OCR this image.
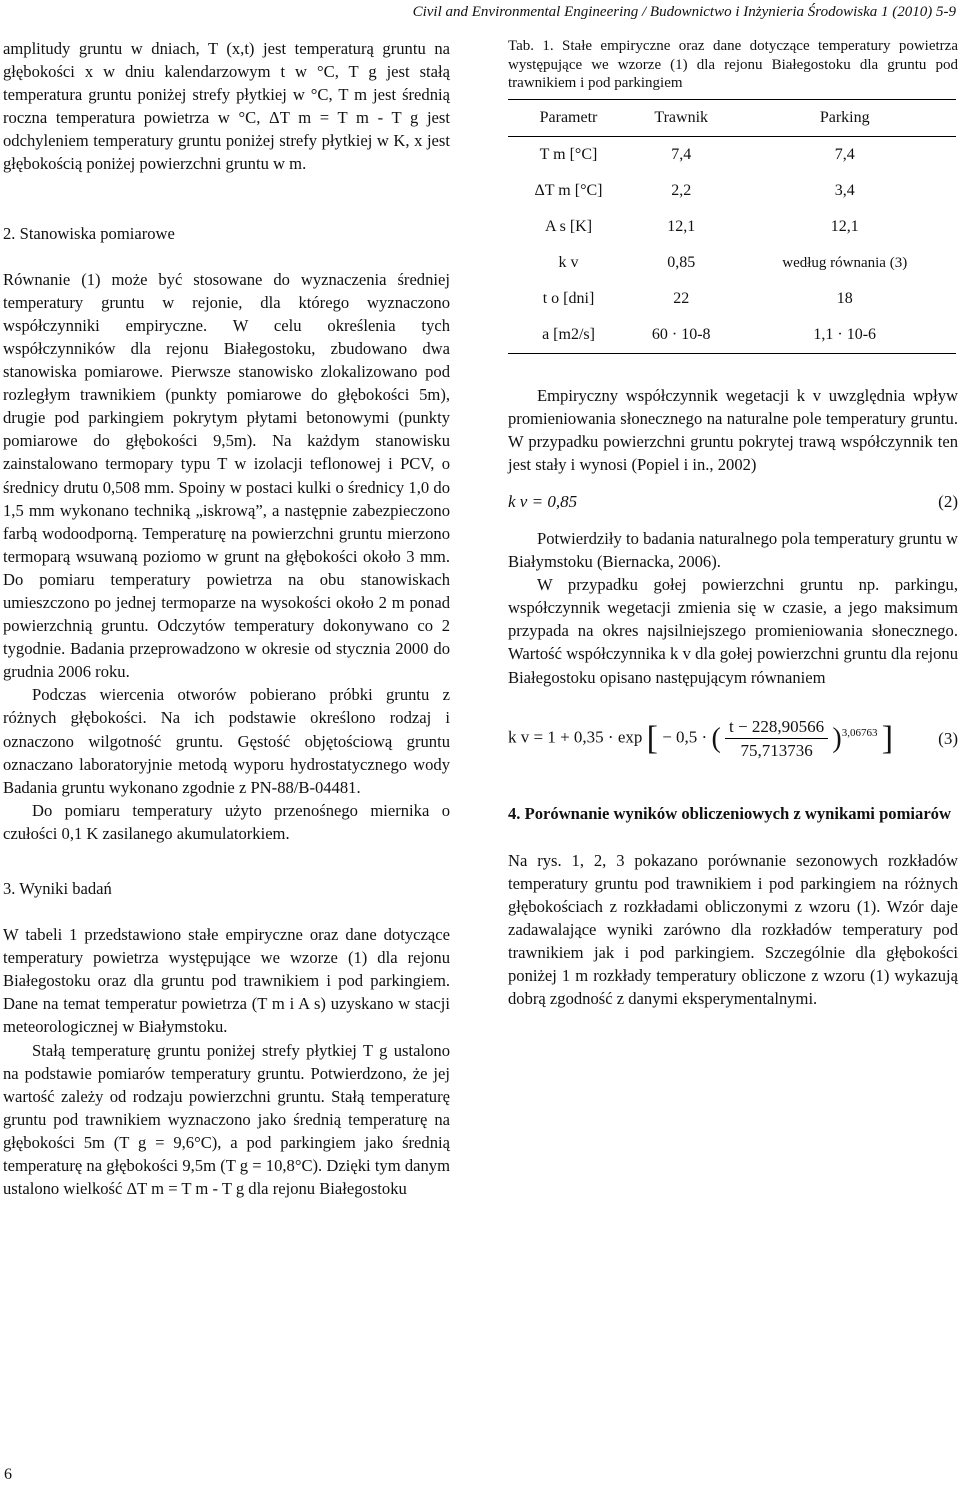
Civil and Environmental Engineering / Budownictwo i Inżynieria Środowiska 1 (2010) 5-9

amplitudy gruntu w dniach, T (x,t) jest temperaturą gruntu na głębokości x w dniu kalendarzowym t w °C, T g jest stałą temperatura gruntu poniżej strefy płytkiej w °C, T m jest średnią roczna temperatura powietrza w °C, ΔT m = T m - T g jest odchyleniem temperatury gruntu poniżej strefy płytkiej w K, x jest głębokością poniżej powierzchni gruntu w m.

2. Stanowiska pomiarowe

Równanie (1) może być stosowane do wyznaczenia średniej temperatury gruntu w rejonie, dla którego wyznaczono współczynniki empiryczne. W celu określenia tych współczynników dla rejonu Białegostoku, zbudowano dwa stanowiska pomiarowe. Pierwsze stanowisko zlokalizowano pod rozległym trawnikiem (punkty pomiarowe do głębokości 5m), drugie pod parkingiem pokrytym płytami betonowymi (punkty pomiarowe do głębokości 9,5m). Na każdym stanowisku zainstalowano termopary typu T w izolacji teflonowej i PCV, o średnicy drutu 0,508 mm. Spoiny w postaci kulki o średnicy 1,0 do 1,5 mm wykonano techniką „iskrową”, a następnie zabezpieczono farbą wodoodporną. Temperaturę na powierzchni gruntu mierzono termoparą wsuwaną poziomo w grunt na głębokości około 3 mm. Do pomiaru temperatury powietrza na obu stanowiskach umieszczono po jednej termoparze na wysokości około 2 m ponad powierzchnią gruntu. Odczytów temperatury dokonywano co 2 tygodnie. Badania przeprowadzono w okresie od stycznia 2000 do grudnia 2006 roku.

Podczas wiercenia otworów pobierano próbki gruntu z różnych głębokości. Na ich podstawie określono rodzaj i oznaczono wilgotność gruntu. Gęstość objętościową gruntu oznaczano laboratoryjnie metodą wyporu hydrostatycznego wody Badania gruntu wykonano zgodnie z PN-88/B-04481.

Do pomiaru temperatury użyto przenośnego miernika o czułości 0,1 K zasilanego akumulatorkiem.

3. Wyniki badań

W tabeli 1 przedstawiono stałe empiryczne oraz dane dotyczące temperatury powietrza występujące we wzorze (1) dla rejonu Białegostoku oraz dla gruntu pod trawnikiem i pod parkingiem. Dane na temat temperatur powietrza (T m i A s) uzyskano w stacji meteorologicznej w Białymstoku.

Stałą temperaturę gruntu poniżej strefy płytkiej T g ustalono na podstawie pomiarów temperatury gruntu. Potwierdzono, że jej wartość zależy od rodzaju powierzchni gruntu. Stałą temperaturę gruntu pod trawnikiem wyznaczono jako średnią temperaturę na głębokości 5m (T g = 9,6°C), a pod parkingiem jako średnią temperaturę na głębokości 9,5m (T g = 10,8°C). Dzięki tym danym ustalono wielkość ΔT m = T m - T g dla rejonu Białegostoku

Tab. 1. Stałe empiryczne oraz dane dotyczące temperatury powietrza występujące we wzorze (1) dla rejonu Białegostoku dla gruntu pod trawnikiem i pod parkingiem

Parametr	Trawnik	Parking
T m [°C]	7,4	7,4
ΔT m [°C]	2,2	3,4
A s [K]	12,1	12,1
k v	0,85	według równania (3)
t o [dni]	22	18
a [m2/s]	60 · 10-8	1,1 · 10-6

Empiryczny współczynnik wegetacji k v uwzględnia wpływ promieniowania słonecznego na naturalne pole temperatury gruntu. W przypadku powierzchni gruntu pokrytej trawą współczynnik ten jest stały i wynosi (Popiel i in., 2002)

k v = 0,85	(2)

Potwierdziły to badania naturalnego pola temperatury gruntu w Białymstoku (Biernacka, 2006).

W przypadku gołej powierzchni gruntu np. parkingu, współczynnik wegetacji zmienia się w czasie, a jego maksimum przypada na okres najsilniejszego promieniowania słonecznego. Wartość współczynnika k v dla gołej powierzchni gruntu dla rejonu Białegostoku opisano następującym równaniem

k v = 1 + 0,35 · exp [ − 0,5 · ( $\frac{t - 228,90566}{75,713736} )^{3,06763}$ ]	(3)
4. Porównanie wyników obliczeniowych z wynikami pomiarów

Na rys. 1, 2, 3 pokazano porównanie sezonowych rozkładów temperatury gruntu pod trawnikiem i pod parkingiem na różnych głębokościach z rozkładami obliczonymi z wzoru (1). Wzór daje zadawalające wyniki zarówno dla rozkładów temperatury pod trawnikiem jak i pod parkingiem. Szczególnie dla głębokości poniżej 1 m rozkłady temperatury obliczone z wzoru (1) wykazują dobrą zgodność z danymi eksperymentalnymi.

6
